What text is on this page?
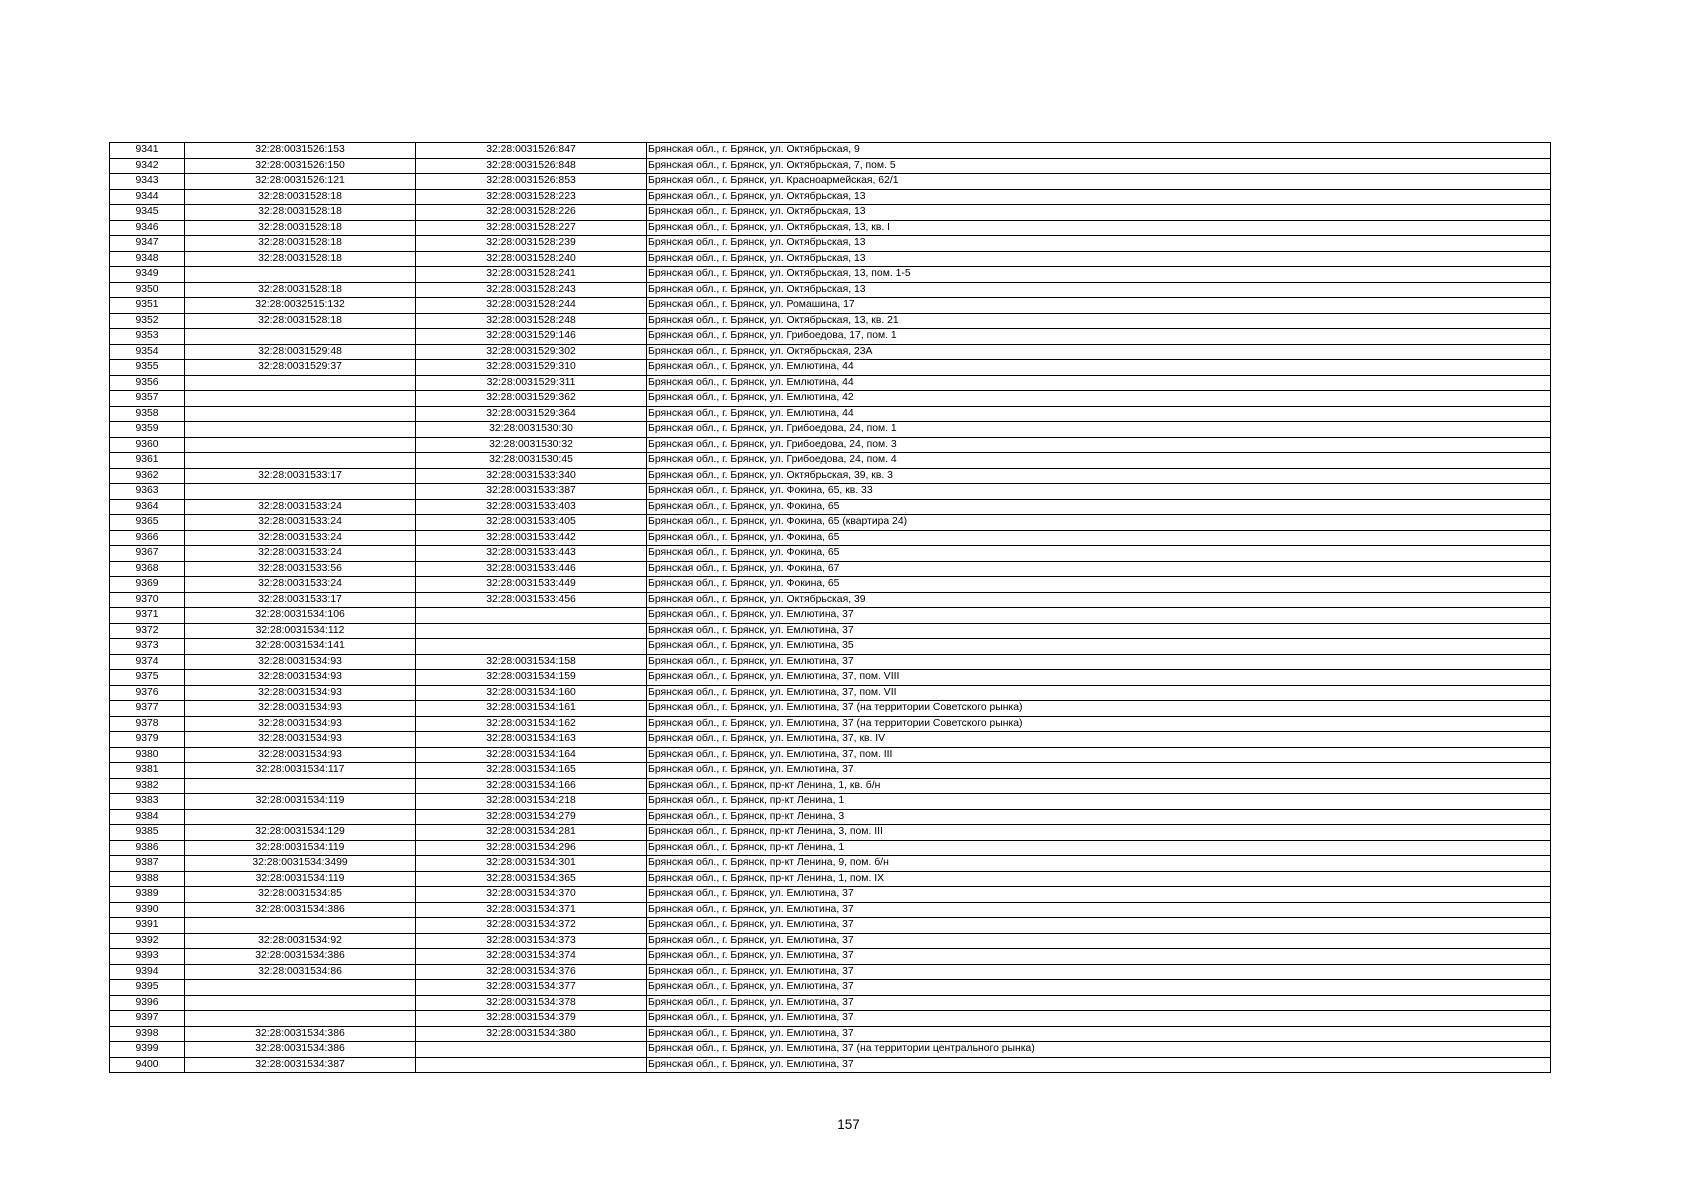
9341	32:28:0031526:153	32:28:0031526:847	Брянская обл., г. Брянск, ул. Октябрьская, 9
9342	32:28:0031526:150	32:28:0031526:848	Брянская обл., г. Брянск, ул. Октябрьская, 7, пом. 5
9343	32:28:0031526:121	32:28:0031526:853	Брянская обл., г. Брянск, ул. Красноармейская, 62/1
9344	32:28:0031528:18	32:28:0031528:223	Брянская обл., г. Брянск, ул. Октябрьская, 13
9345	32:28:0031528:18	32:28:0031528:226	Брянская обл., г. Брянск, ул. Октябрьская, 13
9346	32:28:0031528:18	32:28:0031528:227	Брянская обл., г. Брянск, ул. Октябрьская, 13, кв. I
9347	32:28:0031528:18	32:28:0031528:239	Брянская обл., г. Брянск, ул. Октябрьская, 13
9348	32:28:0031528:18	32:28:0031528:240	Брянская обл., г. Брянск, ул. Октябрьская, 13
9349		32:28:0031528:241	Брянская обл., г. Брянск, ул. Октябрьская, 13, пом. 1-5
9350	32:28:0031528:18	32:28:0031528:243	Брянская обл., г. Брянск, ул. Октябрьская, 13
9351	32:28:0032515:132	32:28:0031528:244	Брянская обл., г. Брянск, ул. Ромашина, 17
9352	32:28:0031528:18	32:28:0031528:248	Брянская обл., г. Брянск, ул. Октябрьская, 13, кв. 21
9353		32:28:0031529:146	Брянская обл., г. Брянск, ул. Грибоедова, 17, пом. 1
9354	32:28:0031529:48	32:28:0031529:302	Брянская обл., г. Брянск, ул. Октябрьская, 23А
9355	32:28:0031529:37	32:28:0031529:310	Брянская обл., г. Брянск, ул. Емлютина, 44
9356		32:28:0031529:311	Брянская обл., г. Брянск, ул. Емлютина, 44
9357		32:28:0031529:362	Брянская обл., г. Брянск, ул. Емлютина, 42
9358		32:28:0031529:364	Брянская обл., г. Брянск, ул. Емлютина, 44
9359		32:28:0031530:30	Брянская обл., г. Брянск, ул. Грибоедова, 24, пом. 1
9360		32:28:0031530:32	Брянская обл., г. Брянск, ул. Грибоедова, 24, пом. 3
9361		32:28:0031530:45	Брянская обл., г. Брянск, ул. Грибоедова, 24, пом. 4
9362	32:28:0031533:17	32:28:0031533:340	Брянская обл., г. Брянск, ул. Октябрьская, 39, кв. 3
9363		32:28:0031533:387	Брянская обл., г. Брянск, ул. Фокина, 65, кв. 33
9364	32:28:0031533:24	32:28:0031533:403	Брянская обл., г. Брянск, ул. Фокина, 65
9365	32:28:0031533:24	32:28:0031533:405	Брянская обл., г. Брянск, ул. Фокина, 65 (квартира 24)
9366	32:28:0031533:24	32:28:0031533:442	Брянская обл., г. Брянск, ул. Фокина, 65
9367	32:28:0031533:24	32:28:0031533:443	Брянская обл., г. Брянск, ул. Фокина, 65
9368	32:28:0031533:56	32:28:0031533:446	Брянская обл., г. Брянск, ул. Фокина, 67
9369	32:28:0031533:24	32:28:0031533:449	Брянская обл., г. Брянск, ул. Фокина, 65
9370	32:28:0031533:17	32:28:0031533:456	Брянская обл., г. Брянск, ул. Октябрьская, 39
9371	32:28:0031534:106		Брянская обл., г. Брянск, ул. Емлютина, 37
9372	32:28:0031534:112		Брянская обл., г. Брянск, ул. Емлютина, 37
9373	32:28:0031534:141		Брянская обл., г. Брянск, ул. Емлютина, 35
9374	32:28:0031534:93	32:28:0031534:158	Брянская обл., г. Брянск, ул. Емлютина, 37
9375	32:28:0031534:93	32:28:0031534:159	Брянская обл., г. Брянск, ул. Емлютина, 37, пом. VIII
9376	32:28:0031534:93	32:28:0031534:160	Брянская обл., г. Брянск, ул. Емлютина, 37, пом. VII
9377	32:28:0031534:93	32:28:0031534:161	Брянская обл., г. Брянск, ул. Емлютина, 37 (на территории Советского рынка)
9378	32:28:0031534:93	32:28:0031534:162	Брянская обл., г. Брянск, ул. Емлютина, 37 (на территории Советского рынка)
9379	32:28:0031534:93	32:28:0031534:163	Брянская обл., г. Брянск, ул. Емлютина, 37, кв. IV
9380	32:28:0031534:93	32:28:0031534:164	Брянская обл., г. Брянск, ул. Емлютина, 37, пом. III
9381	32:28:0031534:117	32:28:0031534:165	Брянская обл., г. Брянск, ул. Емлютина, 37
9382		32:28:0031534:166	Брянская обл., г. Брянск, пр-кт Ленина, 1, кв. б/н
9383	32:28:0031534:119	32:28:0031534:218	Брянская обл., г. Брянск, пр-кт Ленина, 1
9384		32:28:0031534:279	Брянская обл., г. Брянск, пр-кт Ленина, 3
9385	32:28:0031534:129	32:28:0031534:281	Брянская обл., г. Брянск, пр-кт Ленина, 3, пом. III
9386	32:28:0031534:119	32:28:0031534:296	Брянская обл., г. Брянск, пр-кт Ленина, 1
9387	32:28:0031534:3499	32:28:0031534:301	Брянская обл., г. Брянск, пр-кт Ленина, 9, пом. б/н
9388	32:28:0031534:119	32:28:0031534:365	Брянская обл., г. Брянск, пр-кт Ленина, 1, пом. IX
9389	32:28:0031534:85	32:28:0031534:370	Брянская обл., г. Брянск, ул. Емлютина, 37
9390	32:28:0031534:386	32:28:0031534:371	Брянская обл., г. Брянск, ул. Емлютина, 37
9391		32:28:0031534:372	Брянская обл., г. Брянск, ул. Емлютина, 37
9392	32:28:0031534:92	32:28:0031534:373	Брянская обл., г. Брянск, ул. Емлютина, 37
9393	32:28:0031534:386	32:28:0031534:374	Брянская обл., г. Брянск, ул. Емлютина, 37
9394	32:28:0031534:86	32:28:0031534:376	Брянская обл., г. Брянск, ул. Емлютина, 37
9395		32:28:0031534:377	Брянская обл., г. Брянск, ул. Емлютина, 37
9396		32:28:0031534:378	Брянская обл., г. Брянск, ул. Емлютина, 37
9397		32:28:0031534:379	Брянская обл., г. Брянск, ул. Емлютина, 37
9398	32:28:0031534:386	32:28:0031534:380	Брянская обл., г. Брянск, ул. Емлютина, 37
9399	32:28:0031534:386		Брянская обл., г. Брянск, ул. Емлютина, 37 (на территории центрального рынка)
9400	32:28:0031534:387		Брянская обл., г. Брянск, ул. Емлютина, 37
157
